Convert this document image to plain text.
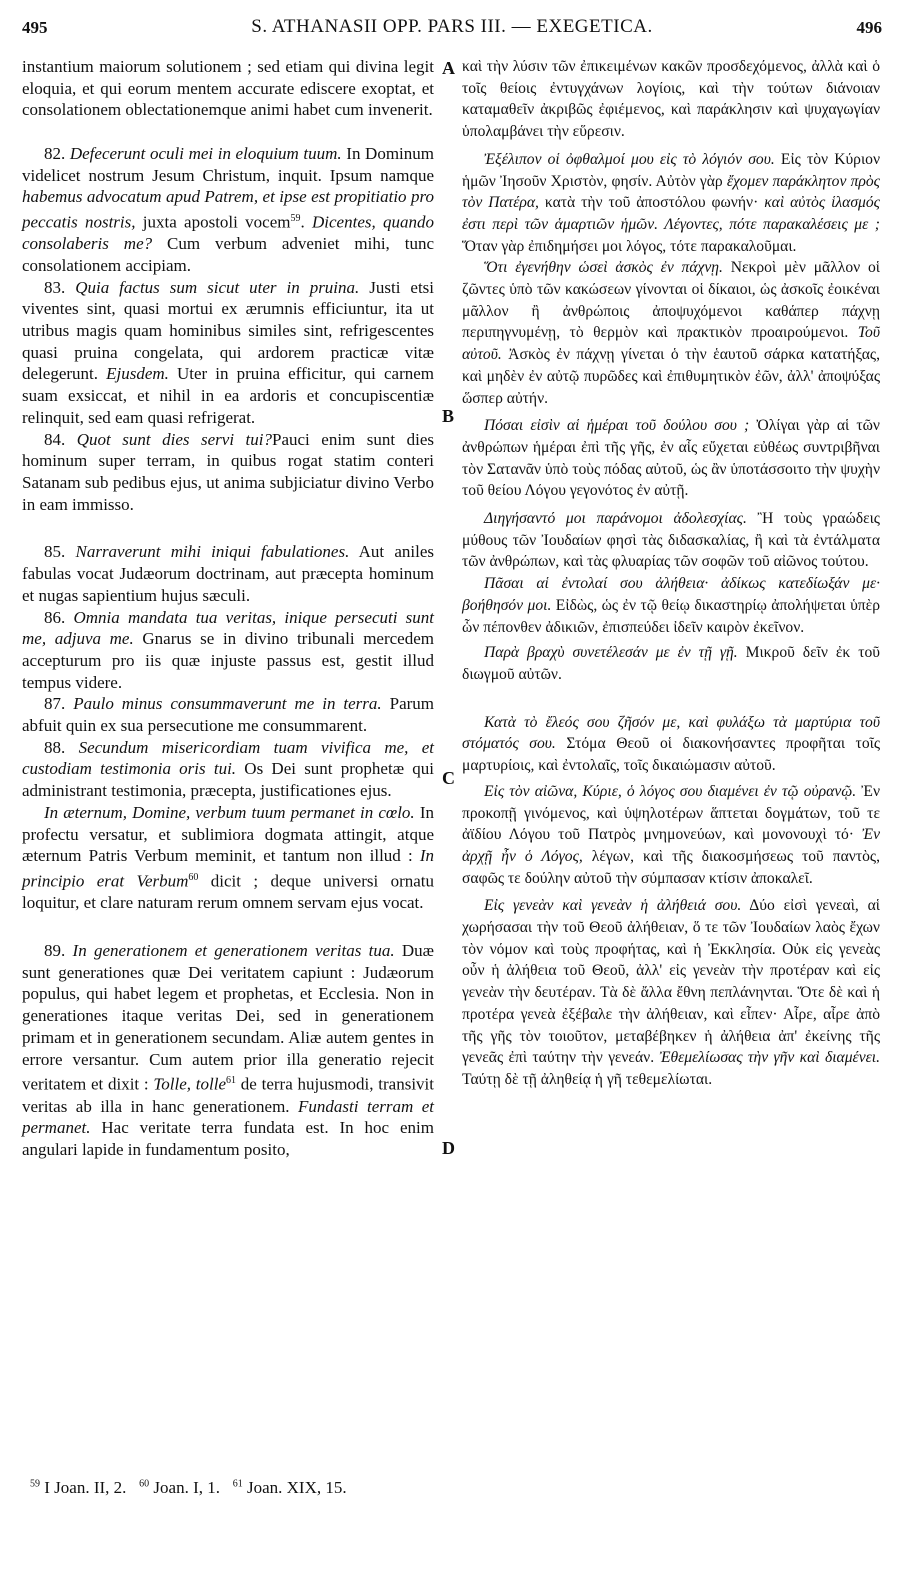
495	S. ATHANASII OPP. PARS III. — EXEGETICA.	496
A
B
C
D

instantium maiorum solutionem ; sed etiam qui divina legit eloquia, et qui eorum mentem accurate ediscere exoptat, et consolationem oblectationemque animi habet cum invenerit.

82. Defecerunt oculi mei in eloquium tuum. In Dominum videlicet nostrum Jesum Christum, inquit. Ipsum namque habemus advocatum apud Patrem, et ipse est propitiatio pro peccatis nostris, juxta apostoli vocem$^{59}$. Dicentes, quando consolaberis me? Cum verbum adveniet mihi, tunc consolationem accipiam.

83. Quia factus sum sicut uter in pruina. Justi etsi viventes sint, quasi mortui ex ærumnis efficiuntur, ita ut utribus magis quam hominibus similes sint, refrigescentes quasi pruina congelata, qui ardorem practicæ vitæ delegerunt. Ejusdem. Uter in pruina efficitur, qui carnem suam exsiccat, et nihil in ea ardoris et concupiscentiæ relinquit, sed eam quasi refrigerat.

84. Quot sunt dies servi tui?Pauci enim sunt dies hominum super terram, in quibus rogat statim conteri Satanam sub pedibus ejus, ut anima subjiciatur divino Verbo in eam immisso.

85. Narraverunt mihi iniqui fabulationes. Aut aniles fabulas vocat Judæorum doctrinam, aut præcepta hominum et nugas sapientium hujus sæculi.

86. Omnia mandata tua veritas, inique persecuti sunt me, adjuva me. Gnarus se in divino tribunali mercedem accepturum pro iis quæ injuste passus est, gestit illud tempus videre.

87. Paulo minus consummaverunt me in terra. Parum abfuit quin ex sua persecutione me consummarent.

88. Secundum misericordiam tuam vivifica me, et custodiam testimonia oris tui. Os Dei sunt prophetæ qui administrant testimonia, præcepta, justificationes ejus.

In æternum, Domine, verbum tuum permanet in cœlo. In profectu versatur, et sublimiora dogmata attingit, atque æternum Patris Verbum meminit, et tantum non illud : In principio erat Verbum$^{60}$ dicit ; deque universi ornatu loquitur, et clare naturam rerum omnem servam ejus vocat.

89. In generationem et generationem veritas tua. Duæ sunt generationes quæ Dei veritatem capiunt : Judæorum populus, qui habet legem et prophetas, et Ecclesia. Non in generationes itaque veritas Dei, sed in generationem primam et in generationem secundam. Aliæ autem gentes in errore versantur. Cum autem prior illa generatio rejecit veritatem et dixit : Tolle, tolle$^{61}$ de terra hujusmodi, transivit veritas ab illa in hanc generationem. Fundasti terram et permanet. Hac veritate terra fundata est. In hoc enim angulari lapide in fundamentum posito,

καὶ τὴν λύσιν τῶν ἐπικειμένων κακῶν προσδεχόμενος, ἀλλὰ καὶ ὁ τοῖς θείοις ἐντυγχάνων λογίοις, καὶ τὴν τούτων διάνοιαν καταμαθεῖν ἀκριβῶς ἐφιέμενος, καὶ παράκλησιν καὶ ψυχαγωγίαν ὑπολαμβάνει τὴν εὕρεσιν.

Ἐξέλιπον οἱ ὀφθαλμοί μου εἰς τὸ λόγιόν σου. Εἰς τὸν Κύριον ἡμῶν Ἰησοῦν Χριστὸν, φησίν. Αὐτὸν γὰρ ἔχομεν παράκλητον πρὸς τὸν Πατέρα, κατὰ τὴν τοῦ ἀποστόλου φωνήν· καὶ αὐτὸς ἱλασμός ἐστι περὶ τῶν ἁμαρτιῶν ἡμῶν. Λέγοντες, πότε παρακαλέσεις με ; Ὅταν γὰρ ἐπιδημήσει μοι λόγος, τότε παρακαλοῦμαι.

Ὅτι ἐγενήθην ὡσεὶ ἀσκὸς ἐν πάχνῃ. Νεκροὶ μὲν μᾶλλον οἱ ζῶντες ὑπὸ τῶν κακώσεων γίνονται οἱ δίκαιοι, ὡς ἀσκοῖς ἐοικέναι μᾶλλον ἢ ἀνθρώποις ἀποψυχόμενοι καθάπερ πάχνῃ περιπηγνυμένῃ, τὸ θερμὸν καὶ πρακτικὸν προαιρούμενοι. Τοῦ αὐτοῦ. Ἀσκὸς ἐν πάχνῃ γίνεται ὁ τὴν ἑαυτοῦ σάρκα κατατήξας, καὶ μηδὲν ἐν αὐτῷ πυρῶδες καὶ ἐπιθυμητικὸν ἐῶν, ἀλλ' ἀποψύξας ὥσπερ αὐτήν.

Πόσαι εἰσὶν αἱ ἡμέραι τοῦ δούλου σου ; Ὀλίγαι γὰρ αἱ τῶν ἀνθρώπων ἡμέραι ἐπὶ τῆς γῆς, ἐν αἷς εὔχεται εὐθέως συντριβῆναι τὸν Σατανᾶν ὑπὸ τοὺς πόδας αὐτοῦ, ὡς ἂν ὑποτάσσοιτο τὴν ψυχὴν τοῦ θείου Λόγου γεγονότος ἐν αὐτῇ.

Διηγήσαντό μοι παράνομοι ἀδολεσχίας. Ἢ τοὺς γραώδεις μύθους τῶν Ἰουδαίων φησὶ τὰς διδασκαλίας, ἢ καὶ τὰ ἐντάλματα τῶν ἀνθρώπων, καὶ τὰς φλυαρίας τῶν σοφῶν τοῦ αἰῶνος τούτου.

Πᾶσαι αἱ ἐντολαί σου ἀλήθεια· ἀδίκως κατεδίωξάν με· βοήθησόν μοι. Εἰδὼς, ὡς ἐν τῷ θείῳ δικαστηρίῳ ἀπολήψεται ὑπὲρ ὧν πέπονθεν ἀδικιῶν, ἐπισπεύδει ἰδεῖν καιρὸν ἐκεῖνον.

Παρὰ βραχὺ συνετέλεσάν με ἐν τῇ γῇ. Μικροῦ δεῖν ἐκ τοῦ διωγμοῦ αὐτῶν.

Κατὰ τὸ ἔλεός σου ζῆσόν με, καὶ φυλάξω τὰ μαρτύρια τοῦ στόματός σου. Στόμα Θεοῦ οἱ διακονήσαντες προφῆται τοῖς μαρτυρίοις, καὶ ἐντολαῖς, τοῖς δικαιώμασιν αὐτοῦ.

Εἰς τὸν αἰῶνα, Κύριε, ὁ λόγος σου διαμένει ἐν τῷ οὐρανῷ. Ἐν προκοπῇ γινόμενος, καὶ ὑψηλοτέρων ἅπτεται δογμάτων, τοῦ τε ἀϊδίου Λόγου τοῦ Πατρὸς μνημονεύων, καὶ μονονουχὶ τό· Ἐν ἀρχῇ ἦν ὁ Λόγος, λέγων, καὶ τῆς διακοσμήσεως τοῦ παντὸς, σαφῶς τε δούλην αὐτοῦ τὴν σύμπασαν κτίσιν ἀποκαλεῖ.

Εἰς γενεὰν καὶ γενεὰν ἡ ἀλήθειά σου. Δύο εἰσὶ γενεαὶ, αἱ χωρήσασαι τὴν τοῦ Θεοῦ ἀλήθειαν, ὅ τε τῶν Ἰουδαίων λαὸς ἔχων τὸν νόμον καὶ τοὺς προφήτας, καὶ ἡ Ἐκκλησία. Οὐκ εἰς γενεὰς οὖν ἡ ἀλήθεια τοῦ Θεοῦ, ἀλλ' εἰς γενεὰν τὴν προτέραν καὶ εἰς γενεὰν τὴν δευτέραν. Τὰ δὲ ἄλλα ἔθνη πεπλάνηνται. Ὅτε δὲ καὶ ἡ προτέρα γενεὰ ἐξέβαλε τὴν ἀλήθειαν, καὶ εἶπεν· Αἶρε, αἶρε ἀπὸ τῆς γῆς τὸν τοιοῦτον, μεταβέβηκεν ἡ ἀλήθεια ἀπ' ἐκείνης τῆς γενεᾶς ἐπὶ ταύτην τὴν γενεάν. Ἐθεμελίωσας τὴν γῆν καὶ διαμένει. Ταύτῃ δὲ τῇ ἀληθείᾳ ἡ γῆ τεθεμελίωται.

$^{59}$ I Joan. II, 2. $^{60}$ Joan. I, 1. $^{61}$ Joan. XIX, 15.
